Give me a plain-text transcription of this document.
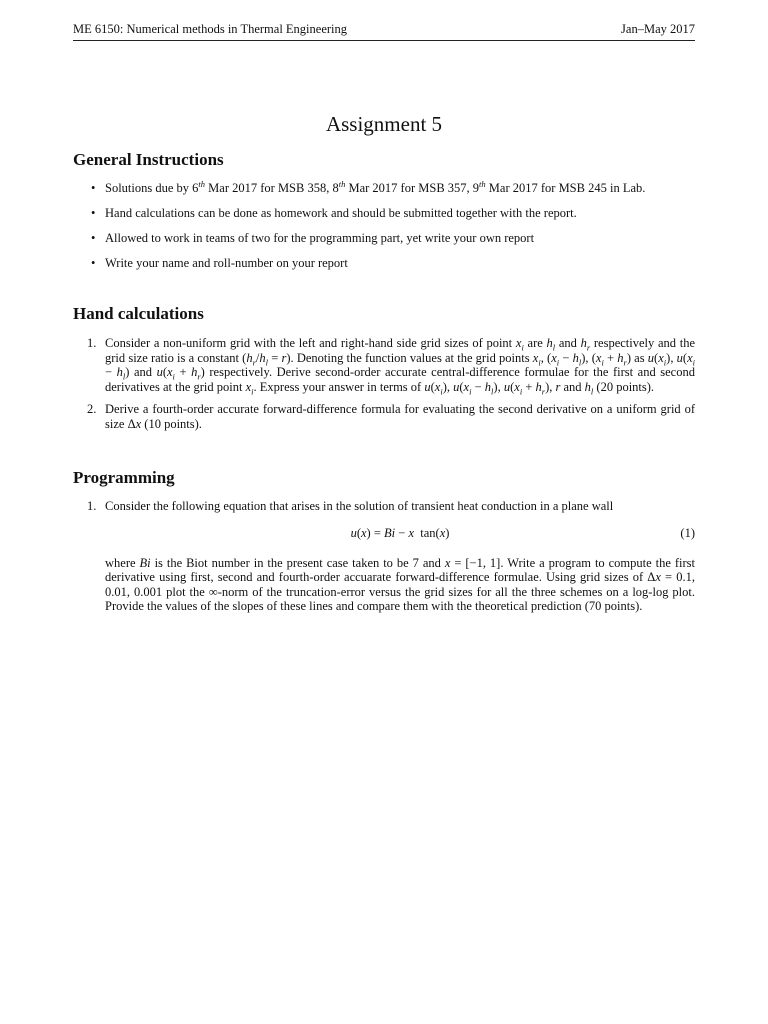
ME 6150: Numerical methods in Thermal Engineering	Jan–May 2017
Assignment 5
General Instructions
• Solutions due by 6th Mar 2017 for MSB 358, 8th Mar 2017 for MSB 357, 9th Mar 2017 for MSB 245 in Lab.
• Hand calculations can be done as homework and should be submitted together with the report.
• Allowed to work in teams of two for the programming part, yet write your own report
• Write your name and roll-number on your report
Hand calculations
1. Consider a non-uniform grid with the left and right-hand side grid sizes of point $x_i$ are $h_l$ and $h_r$ respectively and the grid size ratio is a constant $(h_r/h_l = r)$. Denoting the function values at the grid points $x_i$, $(x_i - h_l)$, $(x_i + h_r)$ as $u(x_i)$, $u(x_i - h_l)$ and $u(x_i + h_r)$ respectively. Derive second-order accurate central-difference formulae for the first and second derivatives at the grid point $x_i$. Express your answer in terms of $u(x_i)$, $u(x_i - h_l)$, $u(x_i + h_r)$, r and $h_l$ (20 points).
2. Derive a fourth-order accurate forward-difference formula for evaluating the second derivative on a uniform grid of size Δx (10 points).
Programming
1. Consider the following equation that arises in the solution of transient heat conduction in a plane wall
u(x) = Bi − x  tan(x)	(1)
where Bi is the Biot number in the present case taken to be 7 and x = [−1, 1]. Write a program to compute the first derivative using first, second and fourth-order accuarate forward-difference formulae. Using grid sizes of Δx = 0.1, 0.01, 0.001 plot the ∞-norm of the truncation-error versus the grid sizes for all the three schemes on a log-log plot. Provide the values of the slopes of these lines and compare them with the theoretical prediction (70 points).
